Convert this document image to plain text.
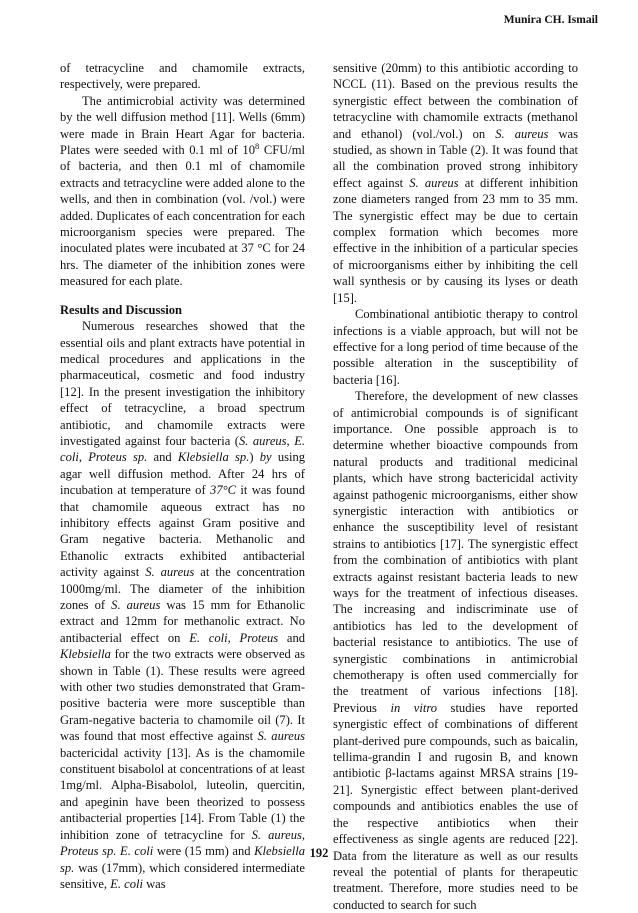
Munira CH. Ismail

of tetracycline and chamomile extracts, respectively, were prepared.

The antimicrobial activity was determined by the well diffusion method [11]. Wells (6mm) were made in Brain Heart Agar for bacteria. Plates were seeded with 0.1 ml of $10^8$ CFU/ml of bacteria, and then 0.1 ml of chamomile extracts and tetracycline were added alone to the wells, and then in combination (vol. /vol.) were added. Duplicates of each concentration for each microorganism species were prepared. The inoculated plates were incubated at 37 °C for 24 hrs. The diameter of the inhibition zones were measured for each plate.

Results and Discussion

Numerous researches showed that the essential oils and plant extracts have potential in medical procedures and applications in the pharmaceutical, cosmetic and food industry [12]. In the present investigation the inhibitory effect of tetracycline, a broad spectrum antibiotic, and chamomile extracts were investigated against four bacteria (S. aureus, E. coli, Proteus sp. and Klebsiella sp.) by using agar well diffusion method. After 24 hrs of incubation at temperature of 37°C it was found that chamomile aqueous extract has no inhibitory effects against Gram positive and Gram negative bacteria. Methanolic and Ethanolic extracts exhibited antibacterial activity against S. aureus at the concentration 1000mg/ml. The diameter of the inhibition zones of S. aureus was 15 mm for Ethanolic extract and 12mm for methanolic extract. No antibacterial effect on E. coli, Proteus and Klebsiella for the two extracts were observed as shown in Table (1). These results were agreed with other two studies demonstrated that Gram-positive bacteria were more susceptible than Gram-negative bacteria to chamomile oil (7). It was found that most effective against S. aureus bactericidal activity [13]. As is the chamomile constituent bisabolol at concentrations of at least 1mg/ml. Alpha-Bisabolol, luteolin, quercitin, and apeginin have been theorized to possess antibacterial properties [14]. From Table (1) the inhibition zone of tetracycline for S. aureus, Proteus sp. E. coli were (15 mm) and Klebsiella sp. was (17mm), which considered intermediate sensitive, E. coli was

sensitive (20mm) to this antibiotic according to NCCL (11). Based on the previous results the synergistic effect between the combination of tetracycline with chamomile extracts (methanol and ethanol) (vol./vol.) on S. aureus was studied, as shown in Table (2). It was found that all the combination proved strong inhibitory effect against S. aureus at different inhibition zone diameters ranged from 23 mm to 35 mm. The synergistic effect may be due to certain complex formation which becomes more effective in the inhibition of a particular species of microorganisms either by inhibiting the cell wall synthesis or by causing its lyses or death [15].

Combinational antibiotic therapy to control infections is a viable approach, but will not be effective for a long period of time because of the possible alteration in the susceptibility of bacteria [16].

Therefore, the development of new classes of antimicrobial compounds is of significant importance. One possible approach is to determine whether bioactive compounds from natural products and traditional medicinal plants, which have strong bactericidal activity against pathogenic microorganisms, either show synergistic interaction with antibiotics or enhance the susceptibility level of resistant strains to antibiotics [17]. The synergistic effect from the combination of antibiotics with plant extracts against resistant bacteria leads to new ways for the treatment of infectious diseases. The increasing and indiscriminate use of antibiotics has led to the development of bacterial resistance to antibiotics. The use of synergistic combinations in antimicrobial chemotherapy is often used commercially for the treatment of various infections [18]. Previous in vitro studies have reported synergistic effect of combinations of different plant-derived pure compounds, such as baicalin, tellima-grandin I and rugosin B, and known antibiotic β-lactams against MRSA strains [19-21]. Synergistic effect between plant-derived compounds and antibiotics enables the use of the respective antibiotics when their effectiveness as single agents are reduced [22]. Data from the literature as well as our results reveal the potential of plants for therapeutic treatment. Therefore, more studies need to be conducted to search for such

192
